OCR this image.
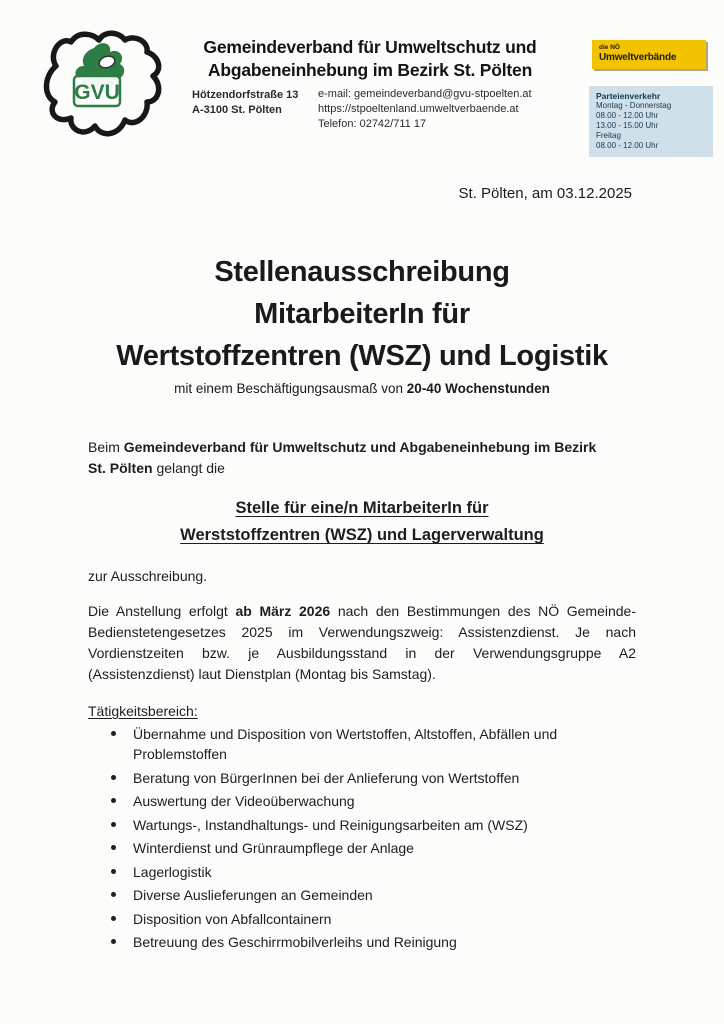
GVU
Gemeindeverband für Umweltschutz und
Abgabeneinhebung im Bezirk St. Pölten
Hötzendorfstraße 13
A-3100 St. Pölten
e-mail: gemeindeverband@gvu-stpoelten.at
https://stpoeltenland.umweltverbaende.at
Telefon: 02742/711 17
die NÖ
Umweltverbände
Parteienverkehr
Montag - Donnerstag
08.00 - 12.00 Uhr
13.00 - 15.00 Uhr
Freitag
08.00 - 12.00 Uhr
St. Pölten, am 03.12.2025
Stellenausschreibung
MitarbeiterIn für
Wertstoffzentren (WSZ) und Logistik
mit einem Beschäftigungsausmaß von 20-40 Wochenstunden
Beim Gemeindeverband für Umweltschutz und Abgabeneinhebung im Bezirk
St. Pölten gelangt die
Stelle für eine/n MitarbeiterIn für
Werststoffzentren (WSZ) und Lagerverwaltung
zur Ausschreibung.
Die Anstellung erfolgt ab März 2026 nach den Bestimmungen des NÖ Gemeinde-Bedienstetengesetzes 2025 im Verwendungszweig: Assistenzdienst. Je nach Vordienstzeiten bzw. je Ausbildungsstand in der Verwendungsgruppe A2 (Assistenzdienst) laut Dienstplan (Montag bis Samstag).
Tätigkeitsbereich:
Übernahme und Disposition von Wertstoffen, Altstoffen, Abfällen und Problemstoffen
Beratung von BürgerInnen bei der Anlieferung von Wertstoffen
Auswertung der Videoüberwachung
Wartungs-, Instandhaltungs- und Reinigungsarbeiten am (WSZ)
Winterdienst und Grünraumpflege der Anlage
Lagerlogistik
Diverse Auslieferungen an Gemeinden
Disposition von Abfallcontainern
Betreuung des Geschirrmobilverleihs und Reinigung
